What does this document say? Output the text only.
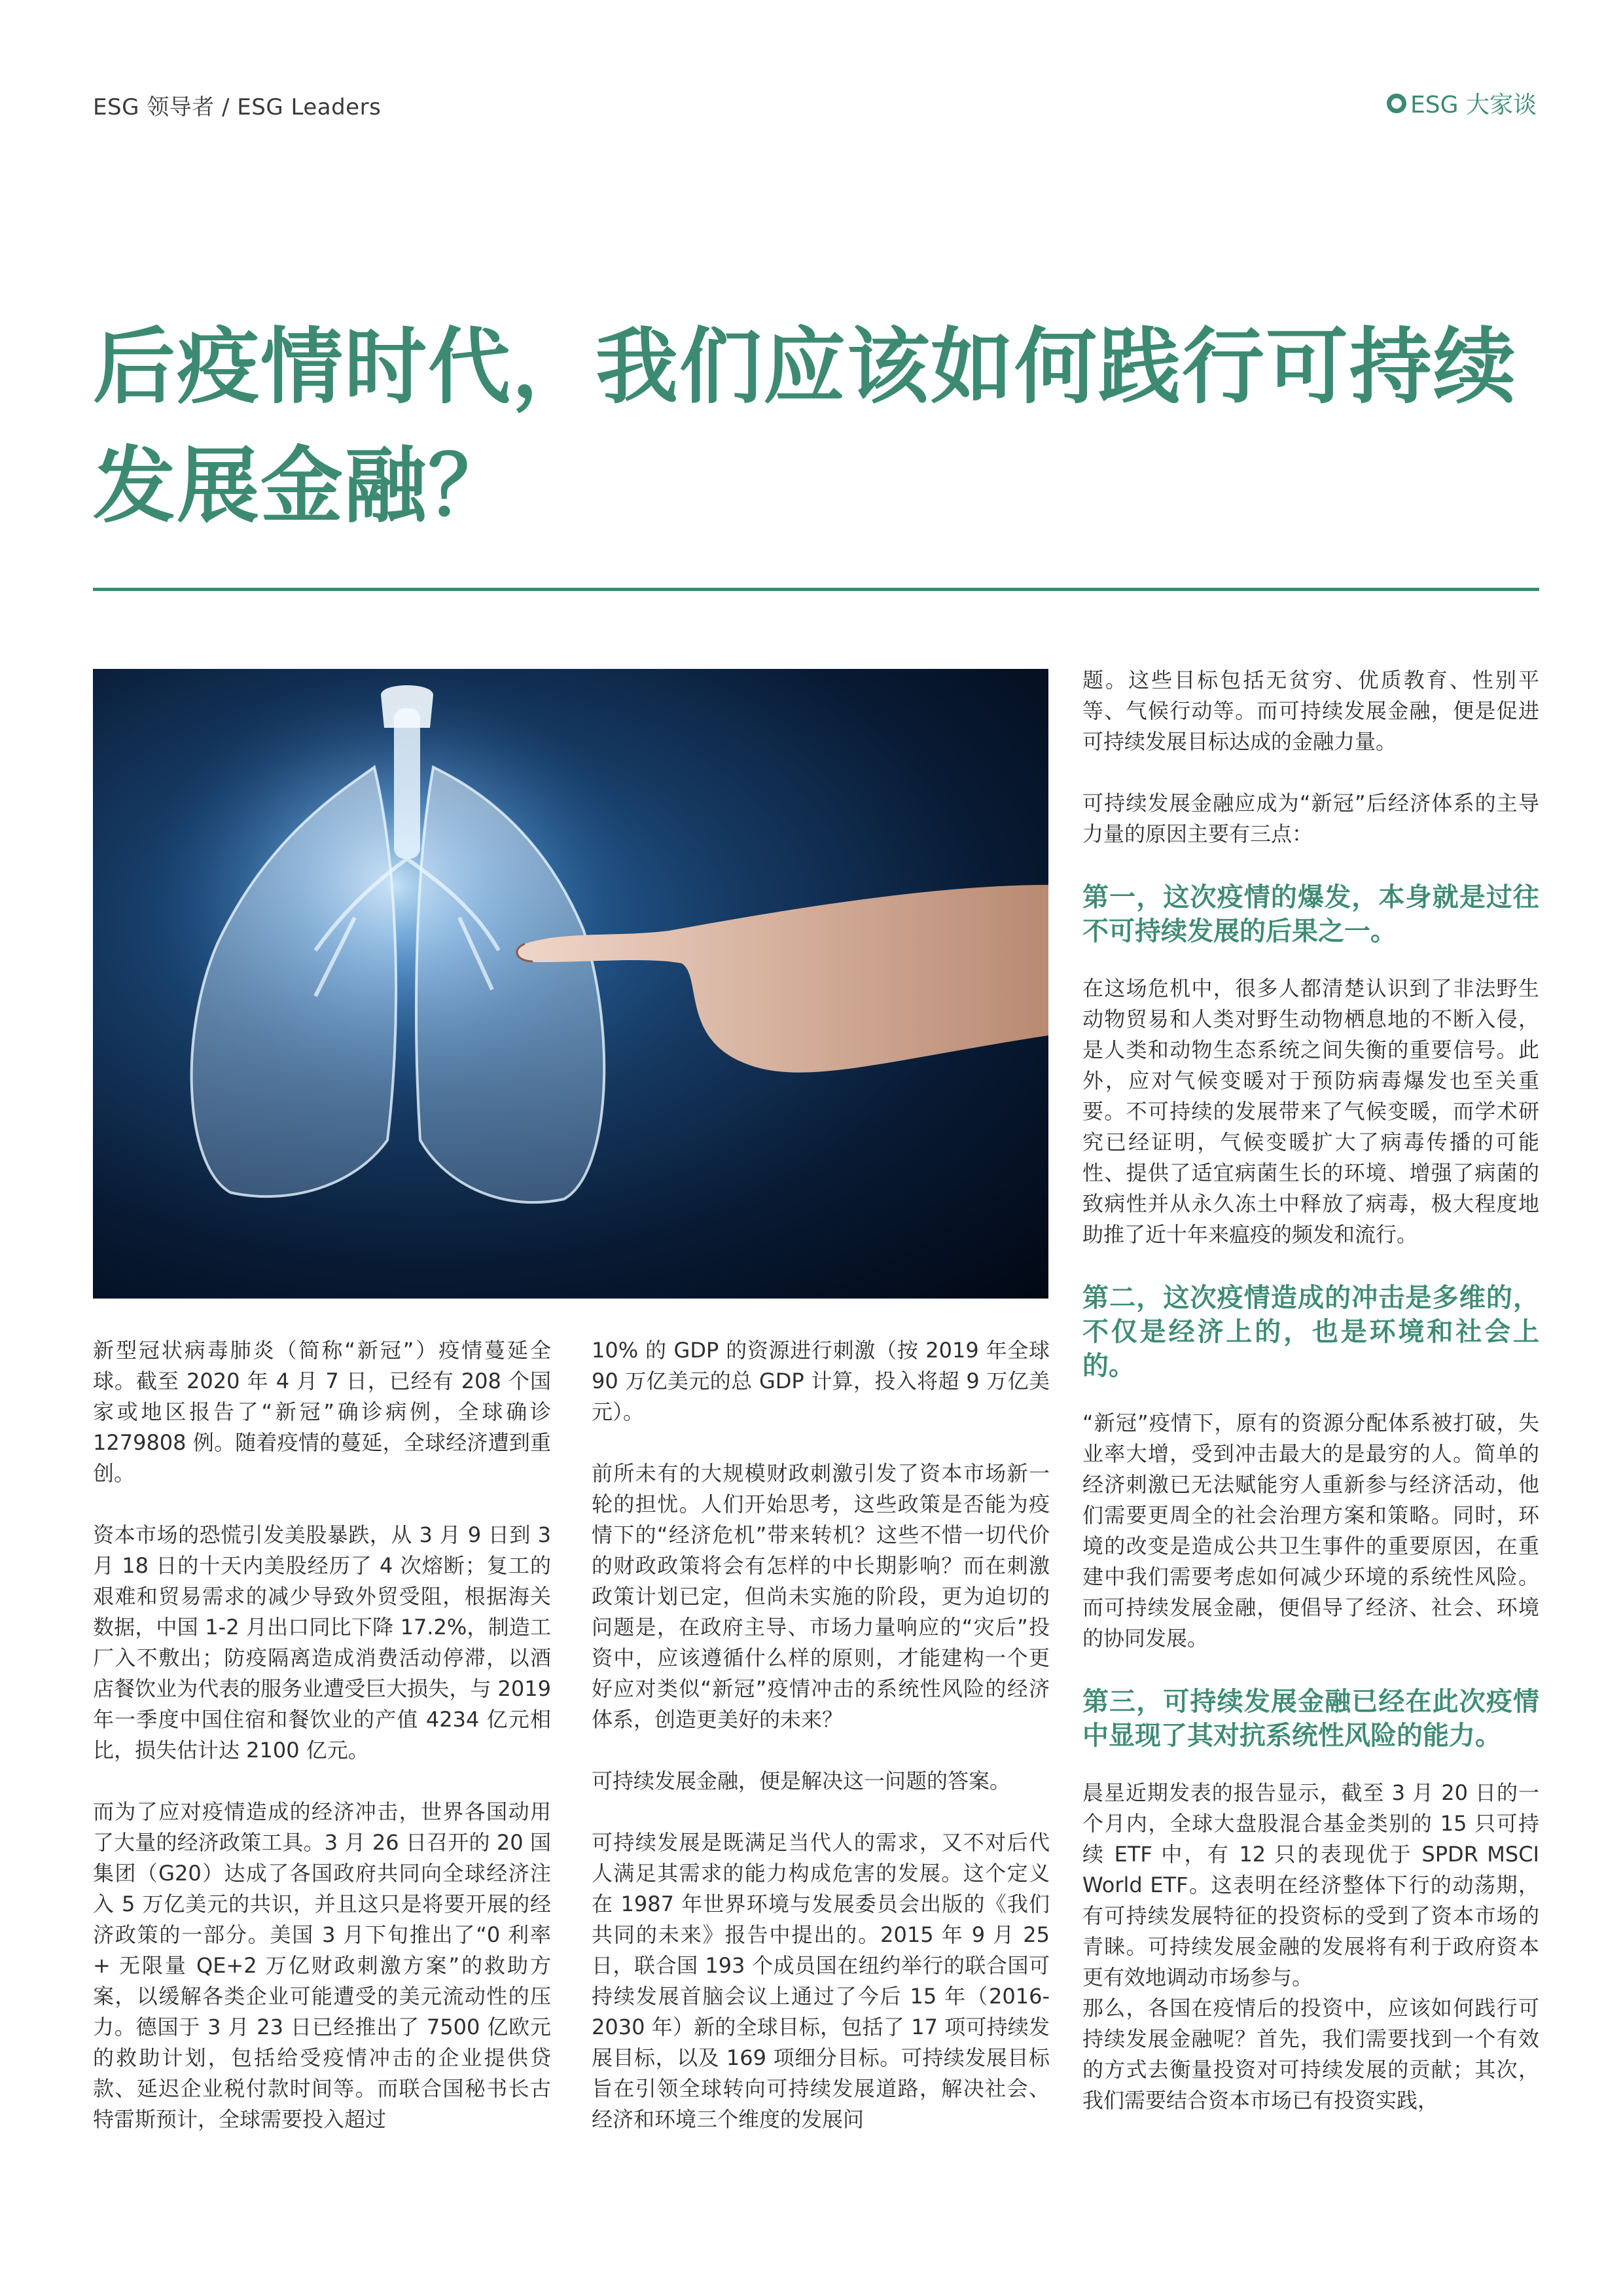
ESG 领导者 / ESG Leaders	ESG 大家谈
后疫情时代，我们应该如何践行可持续发展金融？

新型冠状病毒肺炎（简称“新冠”）疫情蔓延全球。截至 2020 年 4 月 7 日，已经有 208 个国家或地区报告了“新冠”确诊病例，全球确诊 1279808 例。随着疫情的蔓延，全球经济遭到重创。

资本市场的恐慌引发美股暴跌，从 3 月 9 日到 3 月 18 日的十天内美股经历了 4 次熔断；复工的艰难和贸易需求的减少导致外贸受阻，根据海关数据，中国 1-2 月出口同比下降 17.2%，制造工厂入不敷出；防疫隔离造成消费活动停滞，以酒店餐饮业为代表的服务业遭受巨大损失，与 2019 年一季度中国住宿和餐饮业的产值 4234 亿元相比，损失估计达 2100 亿元。

而为了应对疫情造成的经济冲击，世界各国动用了大量的经济政策工具。3 月 26 日召开的 20 国集团（G20）达成了各国政府共同向全球经济注入 5 万亿美元的共识，并且这只是将要开展的经济政策的一部分。美国 3 月下旬推出了“0 利率 + 无限量 QE+2 万亿财政刺激方案”的救助方案，以缓解各类企业可能遭受的美元流动性的压力。德国于 3 月 23 日已经推出了 7500 亿欧元的救助计划，包括给受疫情冲击的企业提供贷款、延迟企业税付款时间等。而联合国秘书长古特雷斯预计，全球需要投入超过

10% 的 GDP 的资源进行刺激（按 2019 年全球 90 万亿美元的总 GDP 计算，投入将超 9 万亿美元）。

前所未有的大规模财政刺激引发了资本市场新一轮的担忧。人们开始思考，这些政策是否能为疫情下的“经济危机”带来转机？这些不惜一切代价的财政政策将会有怎样的中长期影响？而在刺激政策计划已定，但尚未实施的阶段，更为迫切的问题是，在政府主导、市场力量响应的“灾后”投资中，应该遵循什么样的原则，才能建构一个更好应对类似“新冠”疫情冲击的系统性风险的经济体系，创造更美好的未来？

可持续发展金融，便是解决这一问题的答案。

可持续发展是既满足当代人的需求，又不对后代人满足其需求的能力构成危害的发展。这个定义在 1987 年世界环境与发展委员会出版的《我们共同的未来》报告中提出的。2015 年 9 月 25 日，联合国 193 个成员国在纽约举行的联合国可持续发展首脑会议上通过了今后 15 年（2016-2030 年）新的全球目标，包括了 17 项可持续发展目标，以及 169 项细分目标。可持续发展目标旨在引领全球转向可持续发展道路，解决社会、经济和环境三个维度的发展问

题。这些目标包括无贫穷、优质教育、性别平等、气候行动等。而可持续发展金融，便是促进可持续发展目标达成的金融力量。

可持续发展金融应成为“新冠”后经济体系的主导力量的原因主要有三点：

第一，这次疫情的爆发，本身就是过往不可持续发展的后果之一。

在这场危机中，很多人都清楚认识到了非法野生动物贸易和人类对野生动物栖息地的不断入侵，是人类和动物生态系统之间失衡的重要信号。此外，应对气候变暖对于预防病毒爆发也至关重要。不可持续的发展带来了气候变暖，而学术研究已经证明，气候变暖扩大了病毒传播的可能性、提供了适宜病菌生长的环境、增强了病菌的致病性并从永久冻土中释放了病毒，极大程度地助推了近十年来瘟疫的频发和流行。

第二，这次疫情造成的冲击是多维的，不仅是经济上的，也是环境和社会上的。

“新冠”疫情下，原有的资源分配体系被打破，失业率大增，受到冲击最大的是最穷的人。简单的经济刺激已无法赋能穷人重新参与经济活动，他们需要更周全的社会治理方案和策略。同时，环境的改变是造成公共卫生事件的重要原因，在重建中我们需要考虑如何减少环境的系统性风险。而可持续发展金融，便倡导了经济、社会、环境的协同发展。

第三，可持续发展金融已经在此次疫情中显现了其对抗系统性风险的能力。

晨星近期发表的报告显示，截至 3 月 20 日的一个月内，全球大盘股混合基金类别的 15 只可持续 ETF 中，有 12 只的表现优于 SPDR MSCI World ETF。这表明在经济整体下行的动荡期，有可持续发展特征的投资标的受到了资本市场的青睐。可持续发展金融的发展将有利于政府资本更有效地调动市场参与。

那么，各国在疫情后的投资中，应该如何践行可持续发展金融呢？首先，我们需要找到一个有效的方式去衡量投资对可持续发展的贡献；其次，我们需要结合资本市场已有投资实践，
